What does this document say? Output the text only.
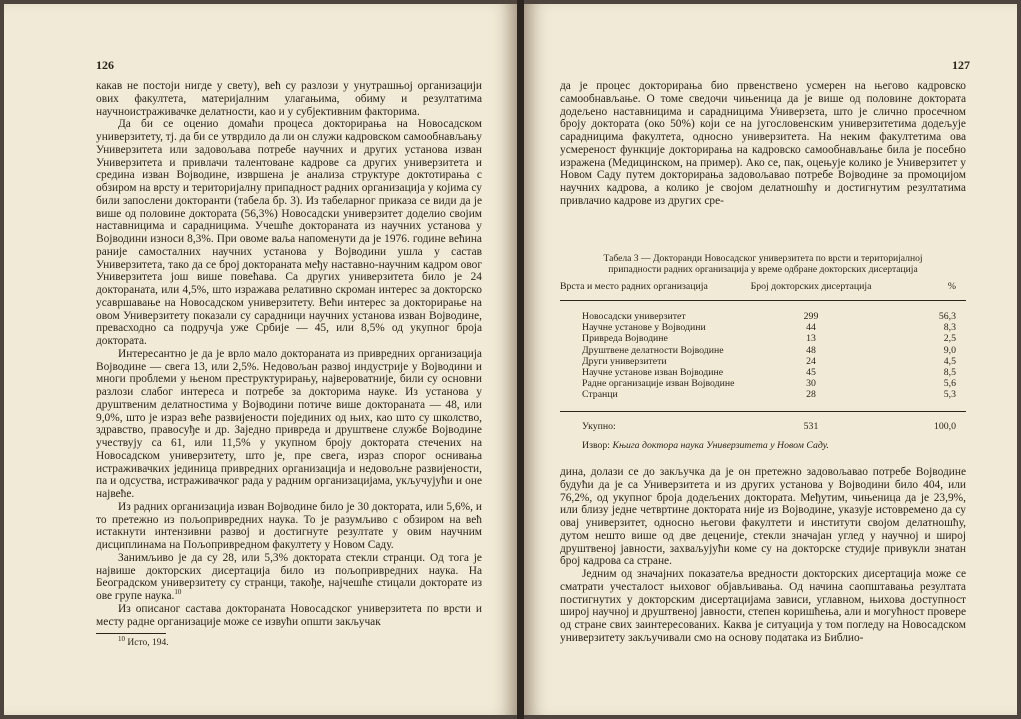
126

какав не постоји нигде у свету), већ су разлози у унутрашњој организацији ових факултета, материјалним улагањима, обиму и резултатима научноистраживачке делатности, као и у субјективним факторима.

Да би се оценио домаћи процеса докторирања на Новосадском универзитету, тј. да би се утврдило да ли он служи кадровском самообнављању Универзитета или задовољава потребе научних и других установа изван Универзитета и привлачи талентоване кадрове са других универзитета и средина изван Војводине, извршена је анализа структуре доктотирања с обзиром на врсту и територијалну припадност радних организација у којима су били запослени доктoранти (табела бр. 3). Из табеларног приказа се види да је више од половине доктората (56,3%) Новосадски универзитет доделио својим наставницима и сарадницима. Учешће доктораната из научних установа у Војводини износи 8,3%. При овоме ваља напоменути да је 1976. године већина раније самосталних научних установа у Војводини ушла у састав Универзитета, тако да се број доктораната међу наставно-научним кадром овог Универзитета још више повећава. Са других универзитета било је 24 доктораната, или 4,5%, што изражава релативно скроман интерес за докторско усавршавање на Новосадском универзитету. Већи интерес за докторирање на овом Универзитету показали су сарадници научних установа изван Војводине, превасходно са подручја уже Србије — 45, или 8,5% од укупног броја доктората.

Интересантно је да је врло мало доктораната из привредних организација Војводине — свега 13, или 2,5%. Недовољан развој индустрије у Војводини и многи проблеми у њеном преструктурирању, највероватније, били су основни разлози слабог интереса и потребе за докторима науке. Из установа у друштвеним делатностима у Војводини потиче више доктораната — 48, или 9,0%, што је израз веће развијености појединих од њих, као што су школство, здравство, правосуђе и др. Заједно привреда и друштвене службе Војводине учествују са 61, или 11,5% у укупном броју доктората стечених на Новосадском универзитету, што је, пре свега, израз спорог оснивања истраживачких јединица привредних организација и недовољне развијености, па и одсуства, истраживачког рада у радним организацијама, укључујући и оне највеће.

Из радних организација изван Војводине било је 30 доктората, или 5,6%, и то претежно из пољопривредних наука. То је разумљиво с обзиром на већ истакнути интензивни развој и достигнуте резултате у овим научним дисциплинама на Пољопривредном факултету у Новом Саду.

Занимљиво је да су 28, или 5,3% доктората стекли странци. Од тога је највише докторских дисертација било из пољопривредних наука. На Београдском универзитету су странци, такође, најчешће стицали докторате из ове групе наука.$^{10}$

Из описаног састава доктораната Новосадског универзитета по врсти и месту радне организације може се извући општи закључак

$^{10}$ Исто, 194.
127

да је процес доктoрирања био првенствено усмерен на његово кадровско самообнављање. О томе сведочи чињеница да је више од половине доктората додељено наставницима и сарадницима Универзета, што је слично просечном броју доктората (око 50%) који се на југословенским универзитетима додељује сарадницима факултета, односно универзитета. На неким факултетима ова усмереност функције доктoрирања на кадровско самообнављање била је посебно изражена (Медицинском, на пример). Ако се, пак, оцењује колико је Универзитет у Новом Саду путем доктoрирања задовољавао потребе Војводине за промоцијом научних кадрова, а колико је својом делатношћу и достигнутим резултатима привлачио кадрове из других сре-

Табела 3 — Доктoранди Новосадског универзитета по врсти и територијалној припадности радних организација у време одбране докторских дисертација
Врста и место радних организација	Број докторских дисертација	%
Новосадски универзитет	299	56,3
Научне установе у Војводини	44	8,3
Привреда Војводине	13	2,5
Друштвене делатности Војводине	48	9,0
Други универзитети	24	4,5
Научне установе изван Војводине	45	8,5
Радне организације изван Војводине	30	5,6
Странци	28	5,3
Укупно:	531	100,0
Извор: Књига доктора наука Универзитета у Новом Саду.

дина, долази се до закључка да је он претежно задовољавао потребе Војводине будући да је са Универзитета и из других установа у Војводини било 404, или 76,2%, од укупног броја додељених доктората. Међутим, чињеница да је 23,9%, или близу једне четвртине доктората није из Војводине, указује истовремено да су овај универзитет, односно његови факултети и институти својом делатношћу, дутом нешто више од две деценије, стекли значајан углед у научној и широј друштвеној јавности, захваљујући коме су на докторске студије привукли знатан број кадрова са стране.

Једним од значајних показатеља вредности докторских дисертација може се сматрати учесталост њиховог објављивања. Од начина саопштавања резултата постигнутих у докторским дисертацијама зависи, углавном, њихова доступност широј научној и друштвеној јавности, степен коришћења, али и могућност провере од стране свих заинтересованих. Каква је ситуација у том погледу на Новосадском универзитету закључивали смо на основу података из Библио-
